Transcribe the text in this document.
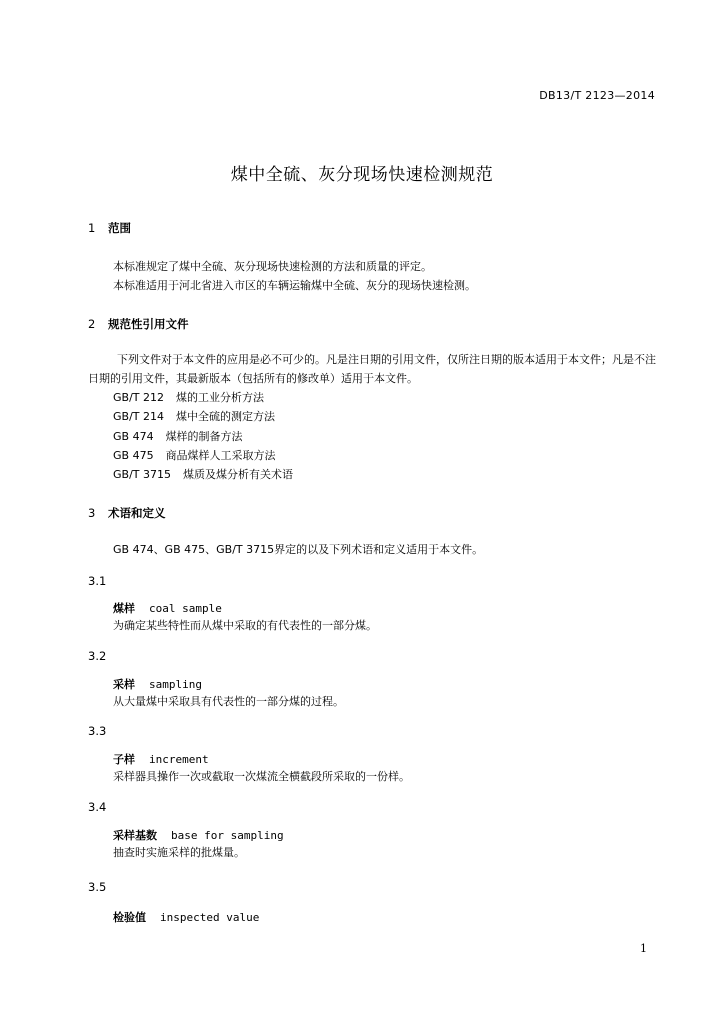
DB13/T 2123—2014
煤中全硫、灰分现场快速检测规范
1 范围
本标准规定了煤中全硫、灰分现场快速检测的方法和质量的评定。
本标准适用于河北省进入市区的车辆运输煤中全硫、灰分的现场快速检测。
2 规范性引用文件
下列文件对于本文件的应用是必不可少的。凡是注日期的引用文件，仅所注日期的版本适用于本文件；凡是不注日期的引用文件，其最新版本（包括所有的修改单）适用于本文件。
GB/T 212 煤的工业分析方法
GB/T 214 煤中全硫的测定方法
GB 474 煤样的制备方法
GB 475 商品煤样人工采取方法
GB/T 3715 煤质及煤分析有关术语
3 术语和定义
GB 474、GB 475、GB/T 3715界定的以及下列术语和定义适用于本文件。
3.1
煤样 coal sample
为确定某些特性而从煤中采取的有代表性的一部分煤。
3.2
采样 sampling
从大量煤中采取具有代表性的一部分煤的过程。
3.3
子样 increment
采样器具操作一次或截取一次煤流全横截段所采取的一份样。
3.4
采样基数 base for sampling
抽查时实施采样的批煤量。
3.5
检验值 inspected value
1
